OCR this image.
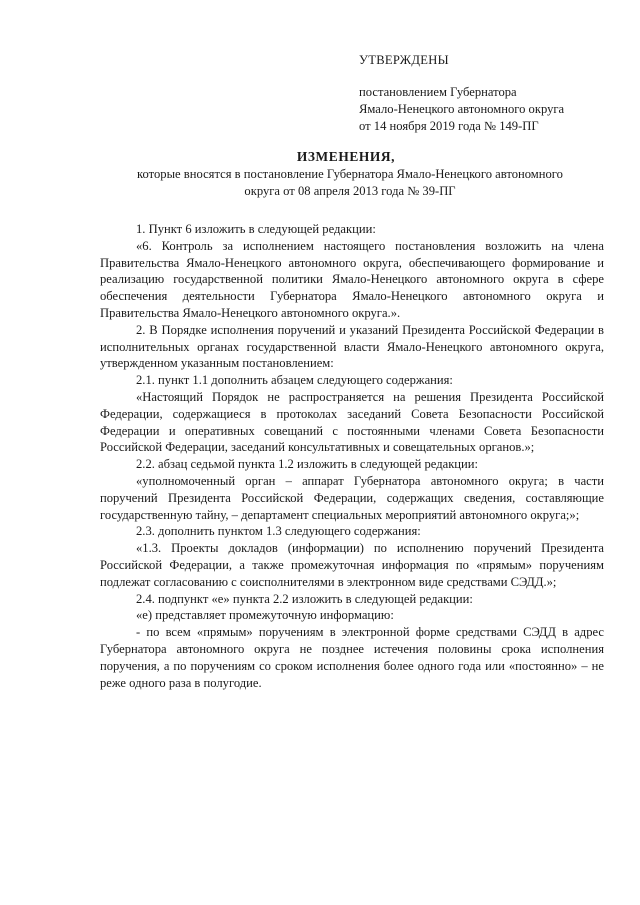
УТВЕРЖДЕНЫ
постановлением Губернатора
Ямало-Ненецкого автономного округа
от 14 ноября 2019 года № 149-ПГ
ИЗМЕНЕНИЯ,
которые вносятся в постановление Губернатора Ямало-Ненецкого автономного
округа от 08 апреля 2013 года № 39-ПГ

1. Пункт 6 изложить в следующей редакции:

«6. Контроль за исполнением настоящего постановления возложить на члена Правительства Ямало-Ненецкого автономного округа, обеспечивающего формирование и реализацию государственной политики Ямало-Ненецкого автономного округа в сфере обеспечения деятельности Губернатора Ямало-Ненецкого автономного округа и Правительства Ямало-Ненецкого автономного округа.».

2. В Порядке исполнения поручений и указаний Президента Российской Федерации в исполнительных органах государственной власти Ямало-Ненецкого автономного округа, утвержденном указанным постановлением:

2.1. пункт 1.1 дополнить абзацем следующего содержания:

«Настоящий Порядок не распространяется на решения Президента Российской Федерации, содержащиеся в протоколах заседаний Совета Безопасности Российской Федерации и оперативных совещаний с постоянными членами Совета Безопасности Российской Федерации, заседаний консультативных и совещательных органов.»;

2.2. абзац седьмой пункта 1.2 изложить в следующей редакции:

«уполномоченный орган – аппарат Губернатора автономного округа; в части поручений Президента Российской Федерации, содержащих сведения, составляющие государственную тайну, – департамент специальных мероприятий автономного округа;»;

2.3. дополнить пунктом 1.3 следующего содержания:

«1.3. Проекты докладов (информации) по исполнению поручений Президента Российской Федерации, а также промежуточная информация по «прямым» поручениям подлежат согласованию с соисполнителями в электронном виде средствами СЭДД.»;

2.4. подпункт «е» пункта 2.2 изложить в следующей редакции:

«е) представляет промежуточную информацию:

- по всем «прямым» поручениям в электронной форме средствами СЭДД в адрес Губернатора автономного округа не позднее истечения половины срока исполнения поручения, а по поручениям со сроком исполнения более одного года или «постоянно» – не реже одного раза в полугодие.
